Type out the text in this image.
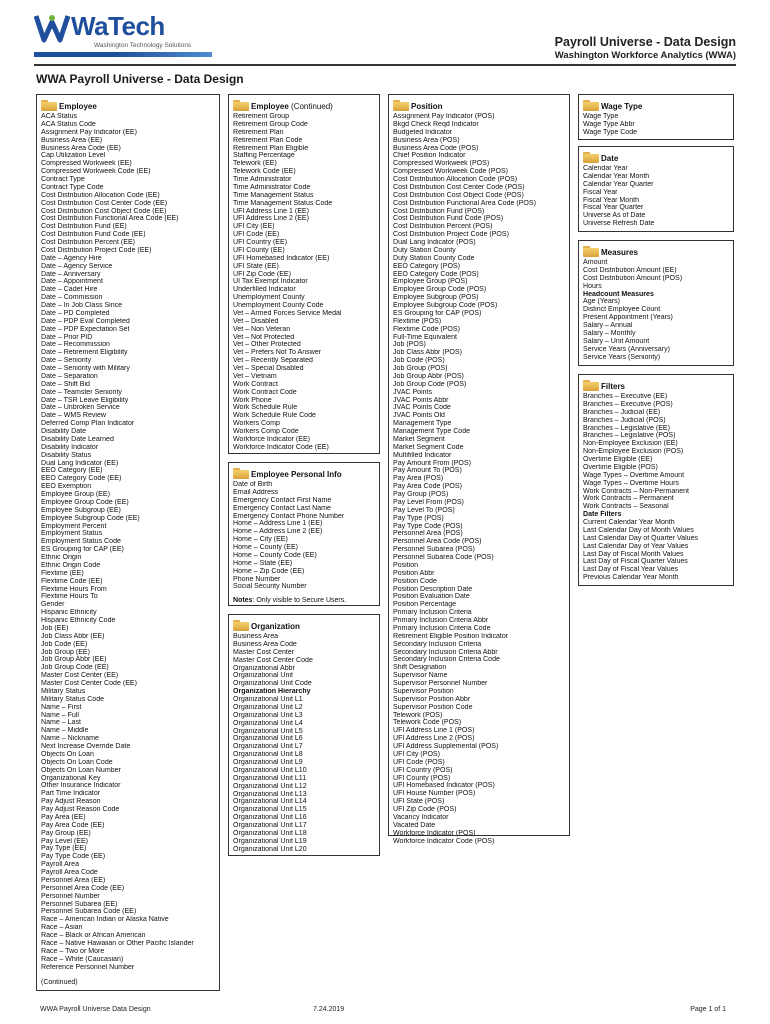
WaTech
Washington Technology Solutions	Payroll Universe - Data Design
Washington Workforce Analytics (WWA)
WWA Payroll Universe - Data Design
Employee
ACA Status
ACA Status Code
Assignment Pay Indicator (EE)
Business Area (EE)
Business Area Code (EE)
Cap Utilization Level
Compressed Workweek (EE)
Compressed Workweek Code (EE)
Contract Type
Contract Type Code
Cost Distribution Allocation Code (EE)
Cost Distribution Cost Center Code (EE)
Cost Distribution Cost Object Code (EE)
Cost Distribution Functional Area Code (EE)
Cost Distribution Fund (EE)
Cost Distribution Fund Code (EE)
Cost Distribution Percent (EE)
Cost Distribution Project Code (EE)
Date – Agency Hire
Date – Agency Service
Date – Anniversary
Date – Appointment
Date – Cadet Hire
Date – Commission
Date – In Job Class Since
Date – PD Completed
Date – PDP Eval Completed
Date – PDP Expectation Set
Date – Prior PID
Date – Recommission
Date – Retirement Eligibility
Date – Seniority
Date – Seniority with Military
Date – Separation
Date – Shift Bid
Date – Teamster Seniority
Date – TSR Leave Eligibility
Date – Unbroken Service
Date – WMS Review
Deferred Comp Plan Indicator
Disability Date
Disability Date Learned
Disability Indicator
Disability Status
Dual Lang Indicator (EE)
EEO Category (EE)
EEO Category Code (EE)
EEO Exemption
Employee Group (EE)
Employee Group Code (EE)
Employee Subgroup (EE)
Employee Subgroup Code (EE)
Employment Percent
Employment Status
Employment Status Code
ES Grouping for CAP (EE)
Ethnic Origin
Ethnic Origin Code
Flextime (EE)
Flextime Code (EE)
Flextime Hours From
Flextime Hours To
Gender
Hispanic Ethnicity
Hispanic Ethnicity Code
Job (EE)
Job Class Abbr (EE)
Job Code (EE)
Job Group (EE)
Job Group Abbr (EE)
Job Group Code (EE)
Master Cost Center (EE)
Master Cost Center Code (EE)
Military Status
Military Status Code
Name – First
Name – Full
Name – Last
Name – Middle
Name – Nickname
Next Increase Override Date
Objects On Loan
Objects On Loan Code
Objects On Loan Number
Organizational Key
Other Insurance Indicator
Part Time Indicator
Pay Adjust Reason
Pay Adjust Reason Code
Pay Area (EE)
Pay Area Code (EE)
Pay Group (EE)
Pay Level (EE)
Pay Type (EE)
Pay Type Code (EE)
Payroll Area
Payroll Area Code
Personnel Area (EE)
Personnel Area Code (EE)
Personnel Number
Personnel Subarea (EE)
Personnel Subarea Code (EE)
Race – American Indian or Alaska Native
Race – Asian
Race – Black or African American
Race – Native Hawaiian or Other Pacific Islander
Race – Two or More
Race – White (Caucasian)
Reference Personnel Number
(Continued)
Employee (Continued)
Retirement Group
Retirement Group Code
Retirement Plan
Retirement Plan Code
Retirement Plan Eligible
Staffing Percentage
Telework (EE)
Telework Code (EE)
Time Administrator
Time Administrator Code
Time Management Status
Time Management Status Code
UFI Address Line 1 (EE)
UFI Address Line 2 (EE)
UFI City (EE)
UFI Code (EE)
UFI Country (EE)
UFI County (EE)
UFI Homebased Indicator (EE)
UFI State (EE)
UFI Zip Code (EE)
UI Tax Exempt Indicator
Underfilled Indicator
Unemployment County
Unemployment County Code
Vet – Armed Forces Service Medal
Vet – Disabled
Vet – Non Veteran
Vet – Not Protected
Vet – Other Protected
Vet – Prefers Not To Answer
Vet – Recently Separated
Vet – Special Disabled
Vet – Vietnam
Work Contract
Work Contract Code
Work Phone
Work Schedule Rule
Work Schedule Rule Code
Workers Comp
Workers Comp Code
Workforce Indicator (EE)
Workforce Indicator Code (EE)
Employee Personal Info
Date of Birth
Email Address
Emergency Contact First Name
Emergency Contact Last Name
Emergency Contact Phone Number
Home – Address Line 1 (EE)
Home – Address Line 2 (EE)
Home – City (EE)
Home – County (EE)
Home – County Code (EE)
Home – State (EE)
Home – Zip Code (EE)
Phone Number
Social Security Number
Notes: Only visible to Secure Users.
Organization
Business Area
Business Area Code
Master Cost Center
Master Cost Center Code
Organizational Abbr
Organizational Unit
Organizational Unit Code
Organization Hierarchy
Organizational Unit L1
Organizational Unit L2
Organizational Unit L3
Organizational Unit L4
Organizational Unit L5
Organizational Unit L6
Organizational Unit L7
Organizational Unit L8
Organizational Unit L9
Organizational Unit L10
Organizational Unit L11
Organizational Unit L12
Organizational Unit L13
Organizational Unit L14
Organizational Unit L15
Organizational Unit L16
Organizational Unit L17
Organizational Unit L18
Organizational Unit L19
Organizational Unit L20
Position
Assignment Pay Indicator (POS)
Bkgd Check Reqd Indicator
Budgeted Indicator
Business Area (POS)
Business Area Code (POS)
Chief Position Indicator
Compressed Workweek (POS)
Compressed Workweek Code (POS)
Cost Distribution Allocation Code (POS)
Cost Distribution Cost Center Code (POS)
Cost Distribution Cost Object Code (POS)
Cost Distribution Functional Area Code (POS)
Cost Distribution Fund (POS)
Cost Distribution Fund Code (POS)
Cost Distribution Percent (POS)
Cost Distribution Project Code (POS)
Dual Lang Indicator (POS)
Duty Station County
Duty Station County Code
EEO Category (POS)
EEO Category Code (POS)
Employee Group (POS)
Employee Group Code (POS)
Employee Subgroup (POS)
Employee Subgroup Code (POS)
ES Grouping for CAP (POS)
Flextime (POS)
Flextime Code (POS)
Full-Time Equivalent
Job (POS)
Job Class Abbr (POS)
Job Code (POS)
Job Group (POS)
Job Group Abbr (POS)
Job Group Code (POS)
JVAC Points
JVAC Points Abbr
JVAC Points Code
JVAC Points Old
Management Type
Management Type Code
Market Segment
Market Segment Code
Multifilled Indicator
Pay Amount From (POS)
Pay Amount To (POS)
Pay Area (POS)
Pay Area Code (POS)
Pay Group (POS)
Pay Level From (POS)
Pay Level To (POS)
Pay Type (POS)
Pay Type Code (POS)
Personnel Area (POS)
Personnel Area Code (POS)
Personnel Subarea (POS)
Personnel Subarea Code (POS)
Position
Position Abbr
Position Code
Position Description Date
Position Evaluation Date
Position Percentage
Primary Inclusion Criteria
Primary Inclusion Criteria Abbr
Primary Inclusion Criteria Code
Retirement Eligible Position Indicator
Secondary Inclusion Criteria
Secondary Inclusion Criteria Abbr
Secondary Inclusion Criteria Code
Shift Designation
Supervisor Name
Supervisor Personnel Number
Supervisor Position
Supervisor Position Abbr
Supervisor Position Code
Telework (POS)
Telework Code (POS)
UFI Address Line 1 (POS)
UFI Address Line 2 (POS)
UFI Address Supplemental (POS)
UFI City (POS)
UFI Code (POS)
UFI Country (POS)
UFI County (POS)
UFI Homebased Indicator (POS)
UFI House Number (POS)
UFI State (POS)
UFI Zip Code (POS)
Vacancy Indicator
Vacated Date
Workforce Indicator (POS)
Workforce Indicator Code (POS)
Wage Type
Wage Type
Wage Type Abbr
Wage Type Code
Date
Calendar Year
Calendar Year Month
Calendar Year Quarter
Fiscal Year
Fiscal Year Month
Fiscal Year Quarter
Universe As of Date
Universe Refresh Date
Measures
Amount
Cost Distribution Amount (EE)
Cost Distribution Amount (POS)
Hours
Headcount Measures
Age (Years)
Distinct Employee Count
Present Appointment (Years)
Salary – Annual
Salary – Monthly
Salary – Unit Amount
Service Years (Anniversary)
Service Years (Seniority)
Filters
Branches – Executive (EE)
Branches – Executive (POS)
Branches – Judicial (EE)
Branches – Judicial (POS)
Branches – Legislative (EE)
Branches – Legislative (POS)
Non-Employee Exclusion (EE)
Non-Employee Exclusion (POS)
Overtime Eligible (EE)
Overtime Eligible (POS)
Wage Types – Overtime Amount
Wage Types – Overtime Hours
Work Contracts – Non-Permanent
Work Contracts – Permanent
Work Contracts – Seasonal
Date Filters
Current Calendar Year Month
Last Calendar Day of Month Values
Last Calendar Day of Quarter Values
Last Calendar Day of Year Values
Last Day of Fiscal Month Values
Last Day of Fiscal Quarter Values
Last Day of Fiscal Year Values
Previous Calendar Year Month
WWA Payroll Universe Data Design	7.24.2019	Page 1 of 1
